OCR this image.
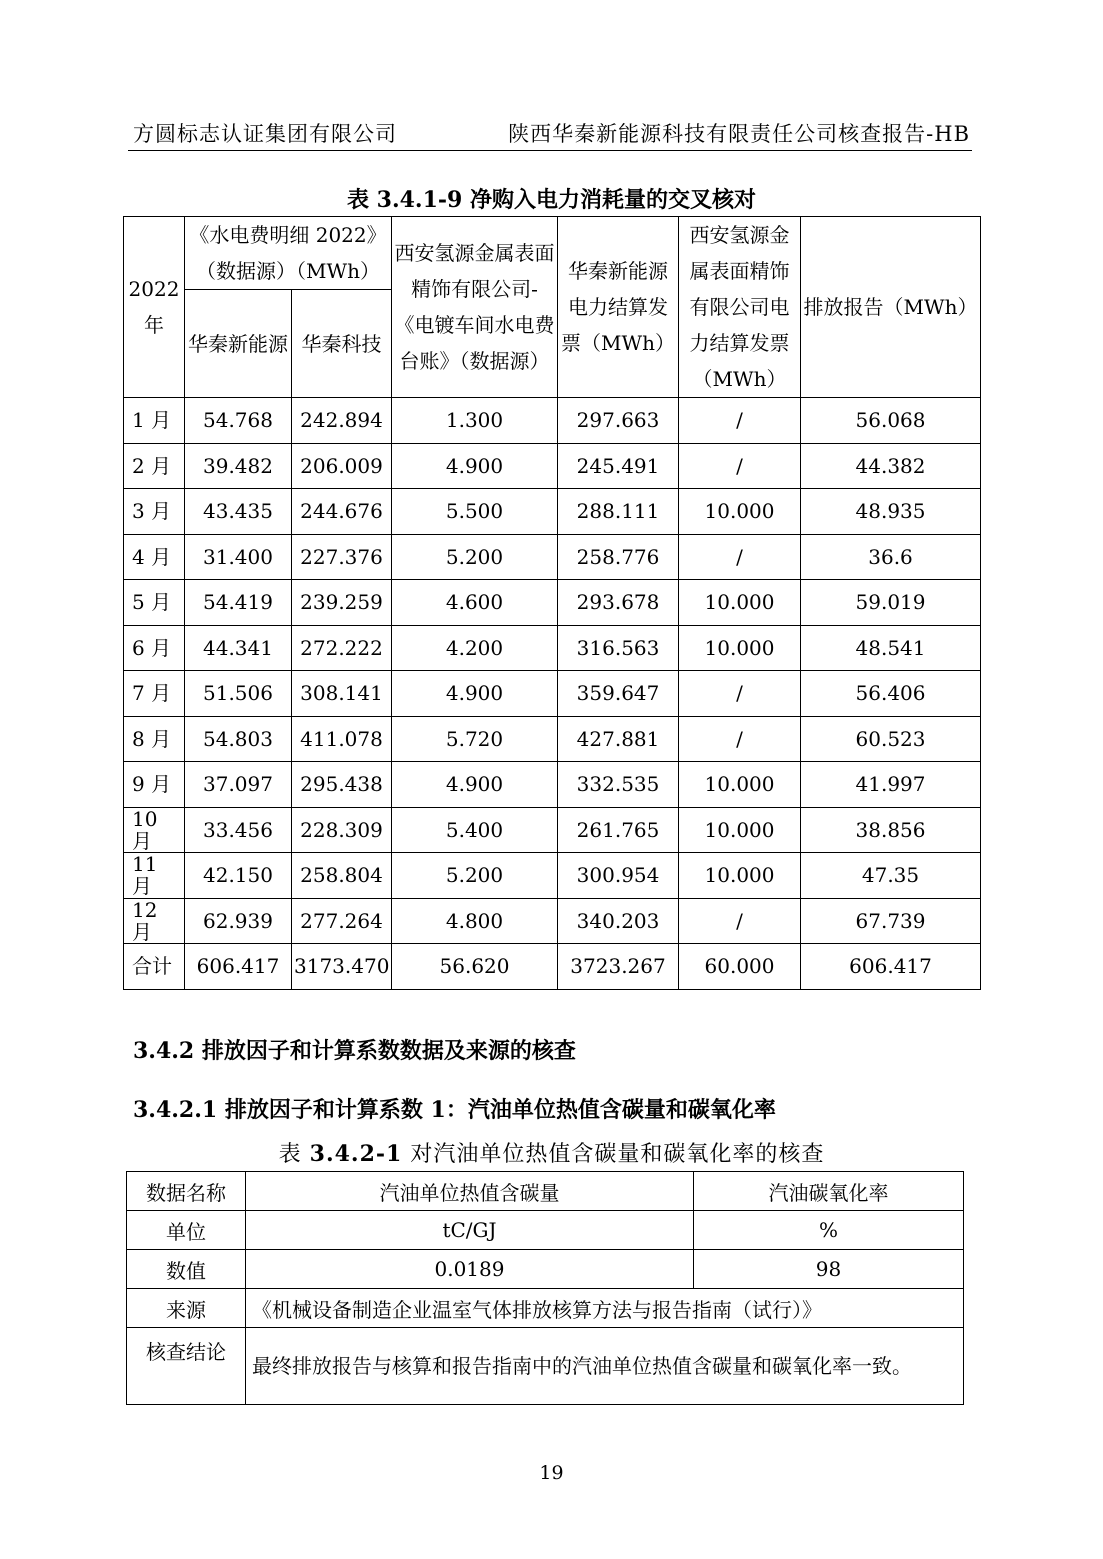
方圆标志认证集团有限公司	陕西华秦新能源科技有限责任公司核查报告-HB
表 3.4.1-9 净购入电力消耗量的交叉核对
2022年	《水电费明细 2022》（数据源）（MWh）		西安氢源金属表面精饰有限公司-《电镀车间水电费台账》（数据源）	华秦新能源电力结算发票（MWh）	西安氢源金属表面精饰有限公司电力结算发票（MWh）	排放报告（MWh）
	华秦新能源	华秦科技				
1 月	54.768	242.894	1.300	297.663	/	56.068
2 月	39.482	206.009	4.900	245.491	/	44.382
3 月	43.435	244.676	5.500	288.111	10.000	48.935
4 月	31.400	227.376	5.200	258.776	/	36.6
5 月	54.419	239.259	4.600	293.678	10.000	59.019
6 月	44.341	272.222	4.200	316.563	10.000	48.541
7 月	51.506	308.141	4.900	359.647	/	56.406
8 月	54.803	411.078	5.720	427.881	/	60.523
9 月	37.097	295.438	4.900	332.535	10.000	41.997
10 月	33.456	228.309	5.400	261.765	10.000	38.856
11 月	42.150	258.804	5.200	300.954	10.000	47.35
12 月	62.939	277.264	4.800	340.203	/	67.739
合计	606.417	3173.470	56.620	3723.267	60.000	606.417
3.4.2 排放因子和计算系数数据及来源的核查
3.4.2.1 排放因子和计算系数 1：汽油单位热值含碳量和碳氧化率
表 3.4.2-1 对汽油单位热值含碳量和碳氧化率的核查
数据名称	汽油单位热值含碳量	汽油碳氧化率
单位	tC/GJ	%
数值	0.0189	98
来源	《机械设备制造企业温室气体排放核算方法与报告指南（试行）》	
核查结论	最终排放报告与核算和报告指南中的汽油单位热值含碳量和碳氧化率一致。	
19
